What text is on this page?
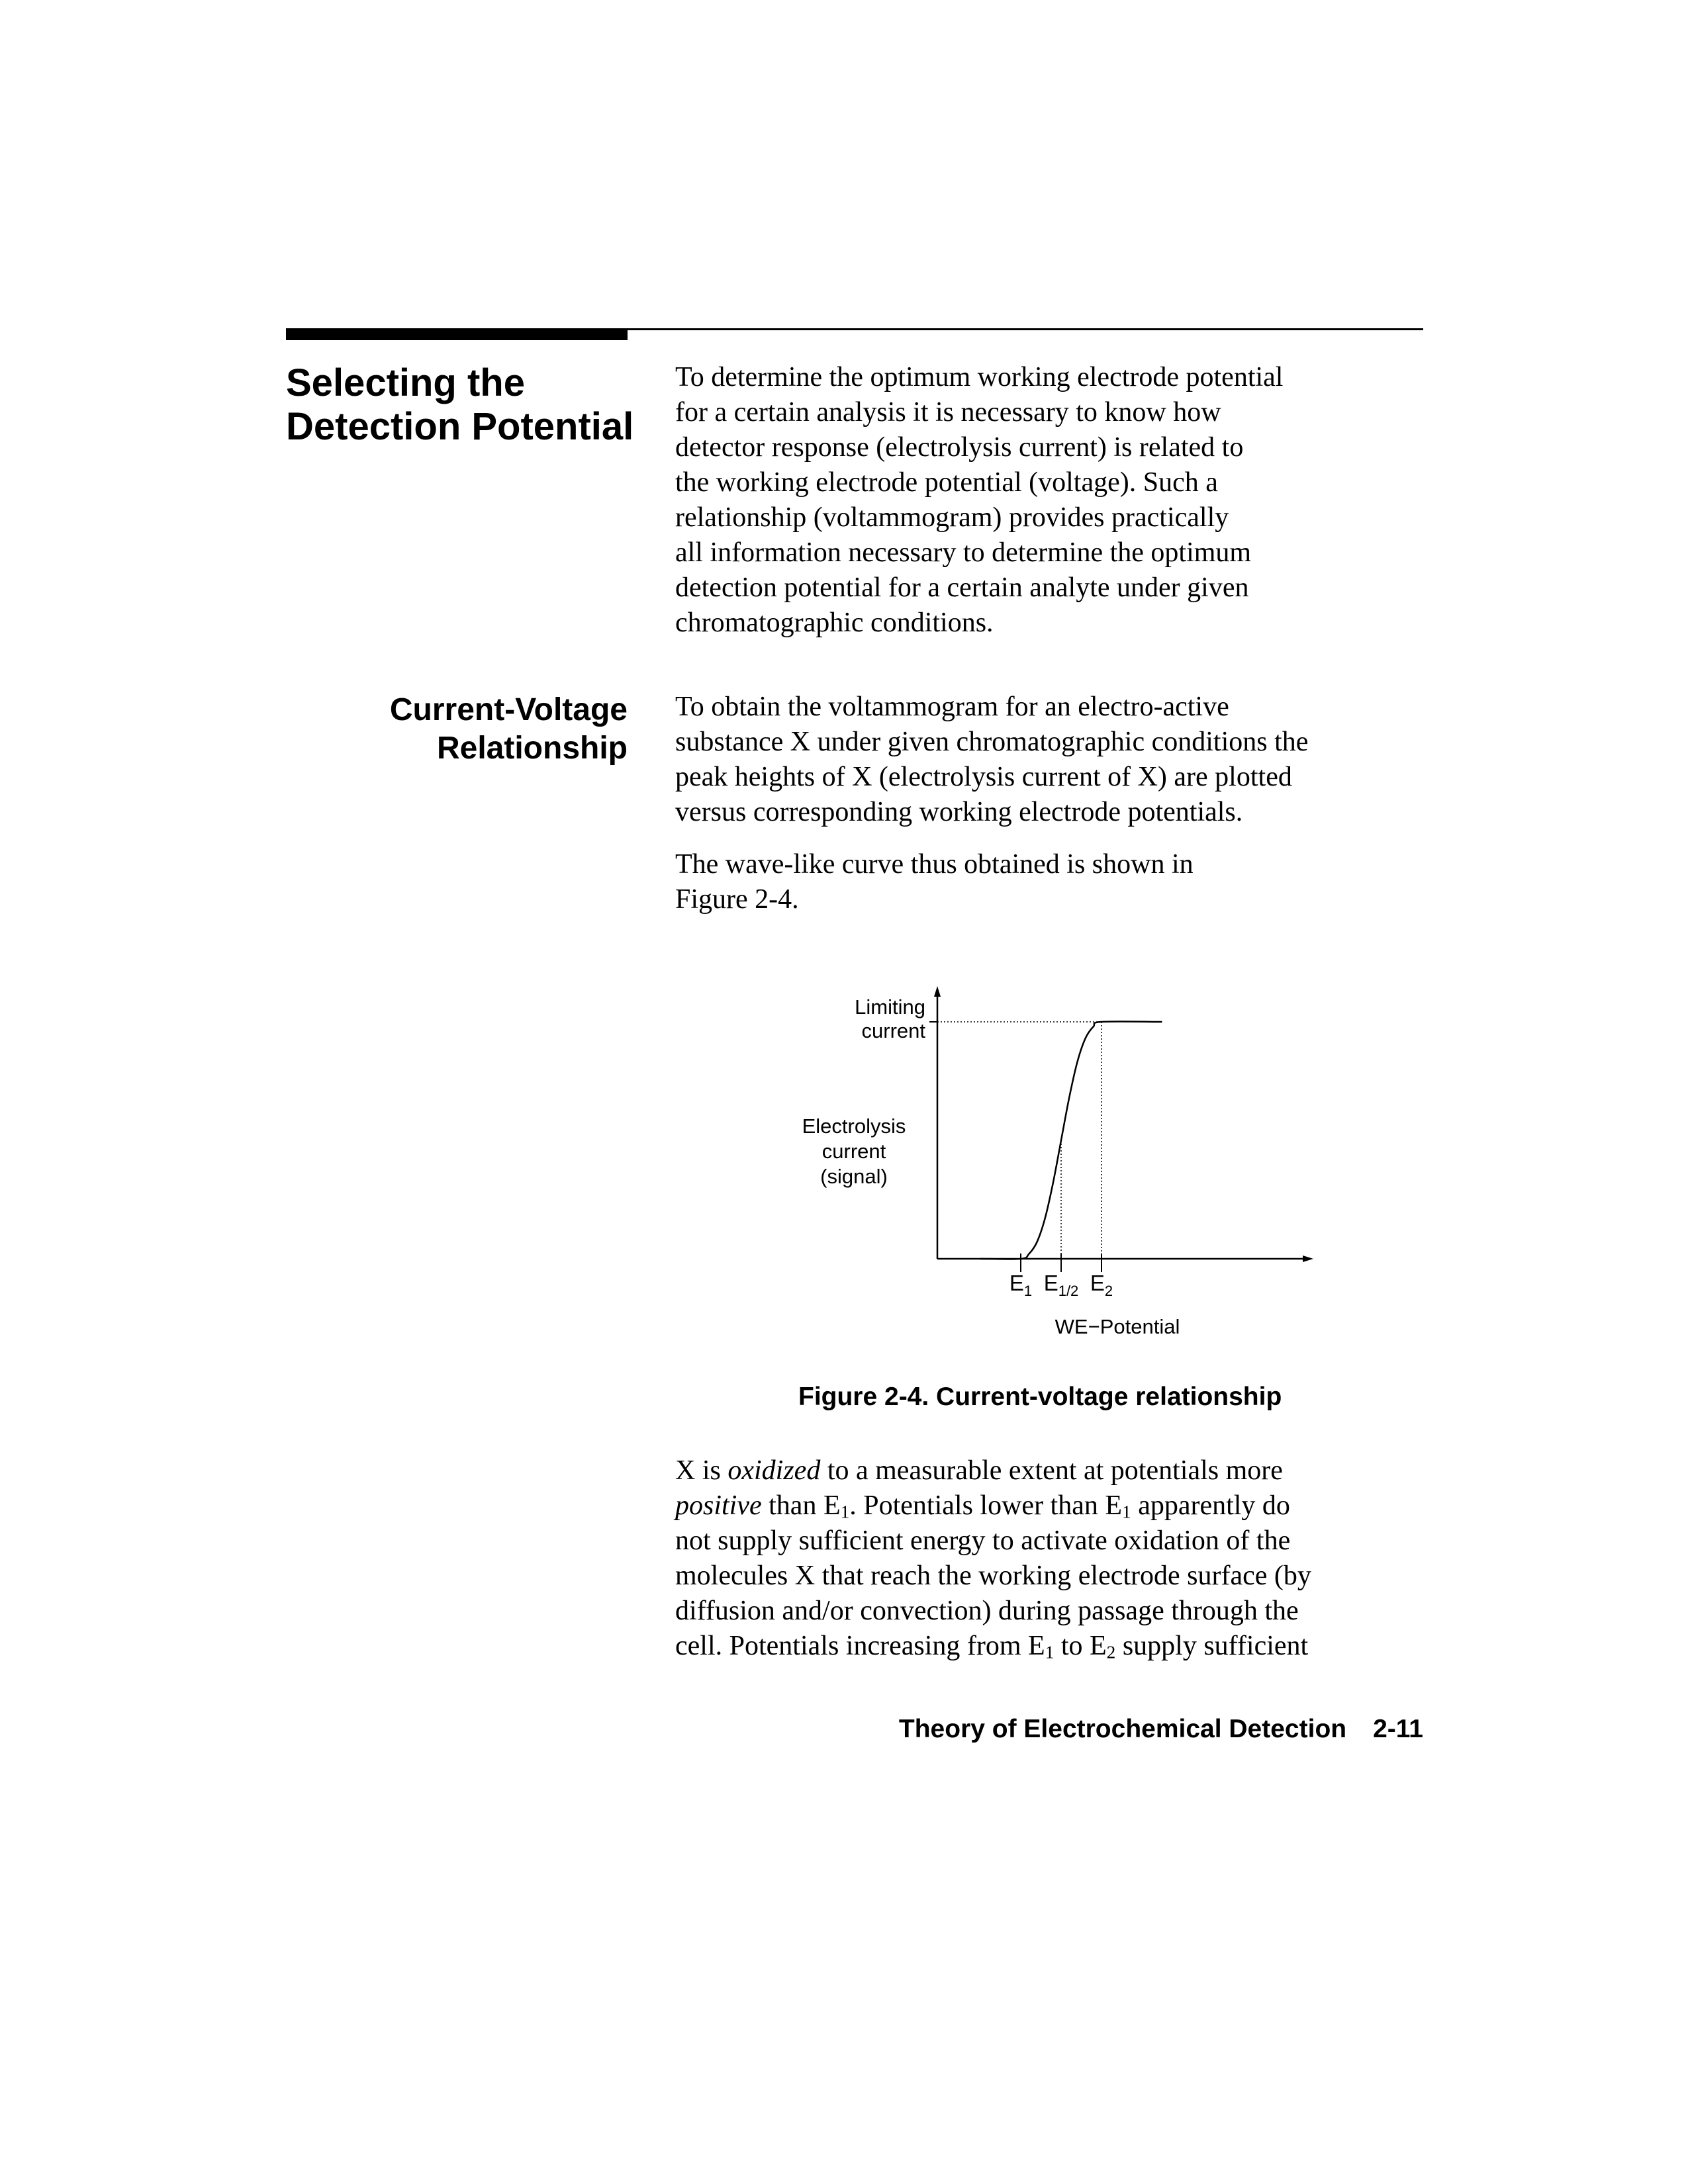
Selecting the
Detection Potential

To determine the optimum working electrode potential
for a certain analysis it is necessary to know how
detector response (electrolysis current) is related to
the working electrode potential (voltage). Such a
relationship (voltammogram) provides practically
all information necessary to determine the optimum
detection potential for a certain analyte under given
chromatographic conditions.

Current-Voltage
Relationship

To obtain the voltammogram for an electro-active
substance X under given chromatographic conditions the
peak heights of X (electrolysis current of X) are plotted
versus corresponding working electrode potentials.

The wave-like curve thus obtained is shown in
Figure 2-4.

Limiting
current
Electrolysis
current
(signal)
WE−Potential
$E_1$ $E_{1/2}$ $E_2$

Figure 2-4. Current-voltage relationship

X is oxidized to a measurable extent at potentials more
positive than $E_1$. Potentials lower than $E_1$ apparently do
not supply sufficient energy to activate oxidation of the
molecules X that reach the working electrode surface (by
diffusion and/or convection) during passage through the
cell. Potentials increasing from $E_1$ to $E_2$ supply sufficient

Theory of Electrochemical Detection 2-11
